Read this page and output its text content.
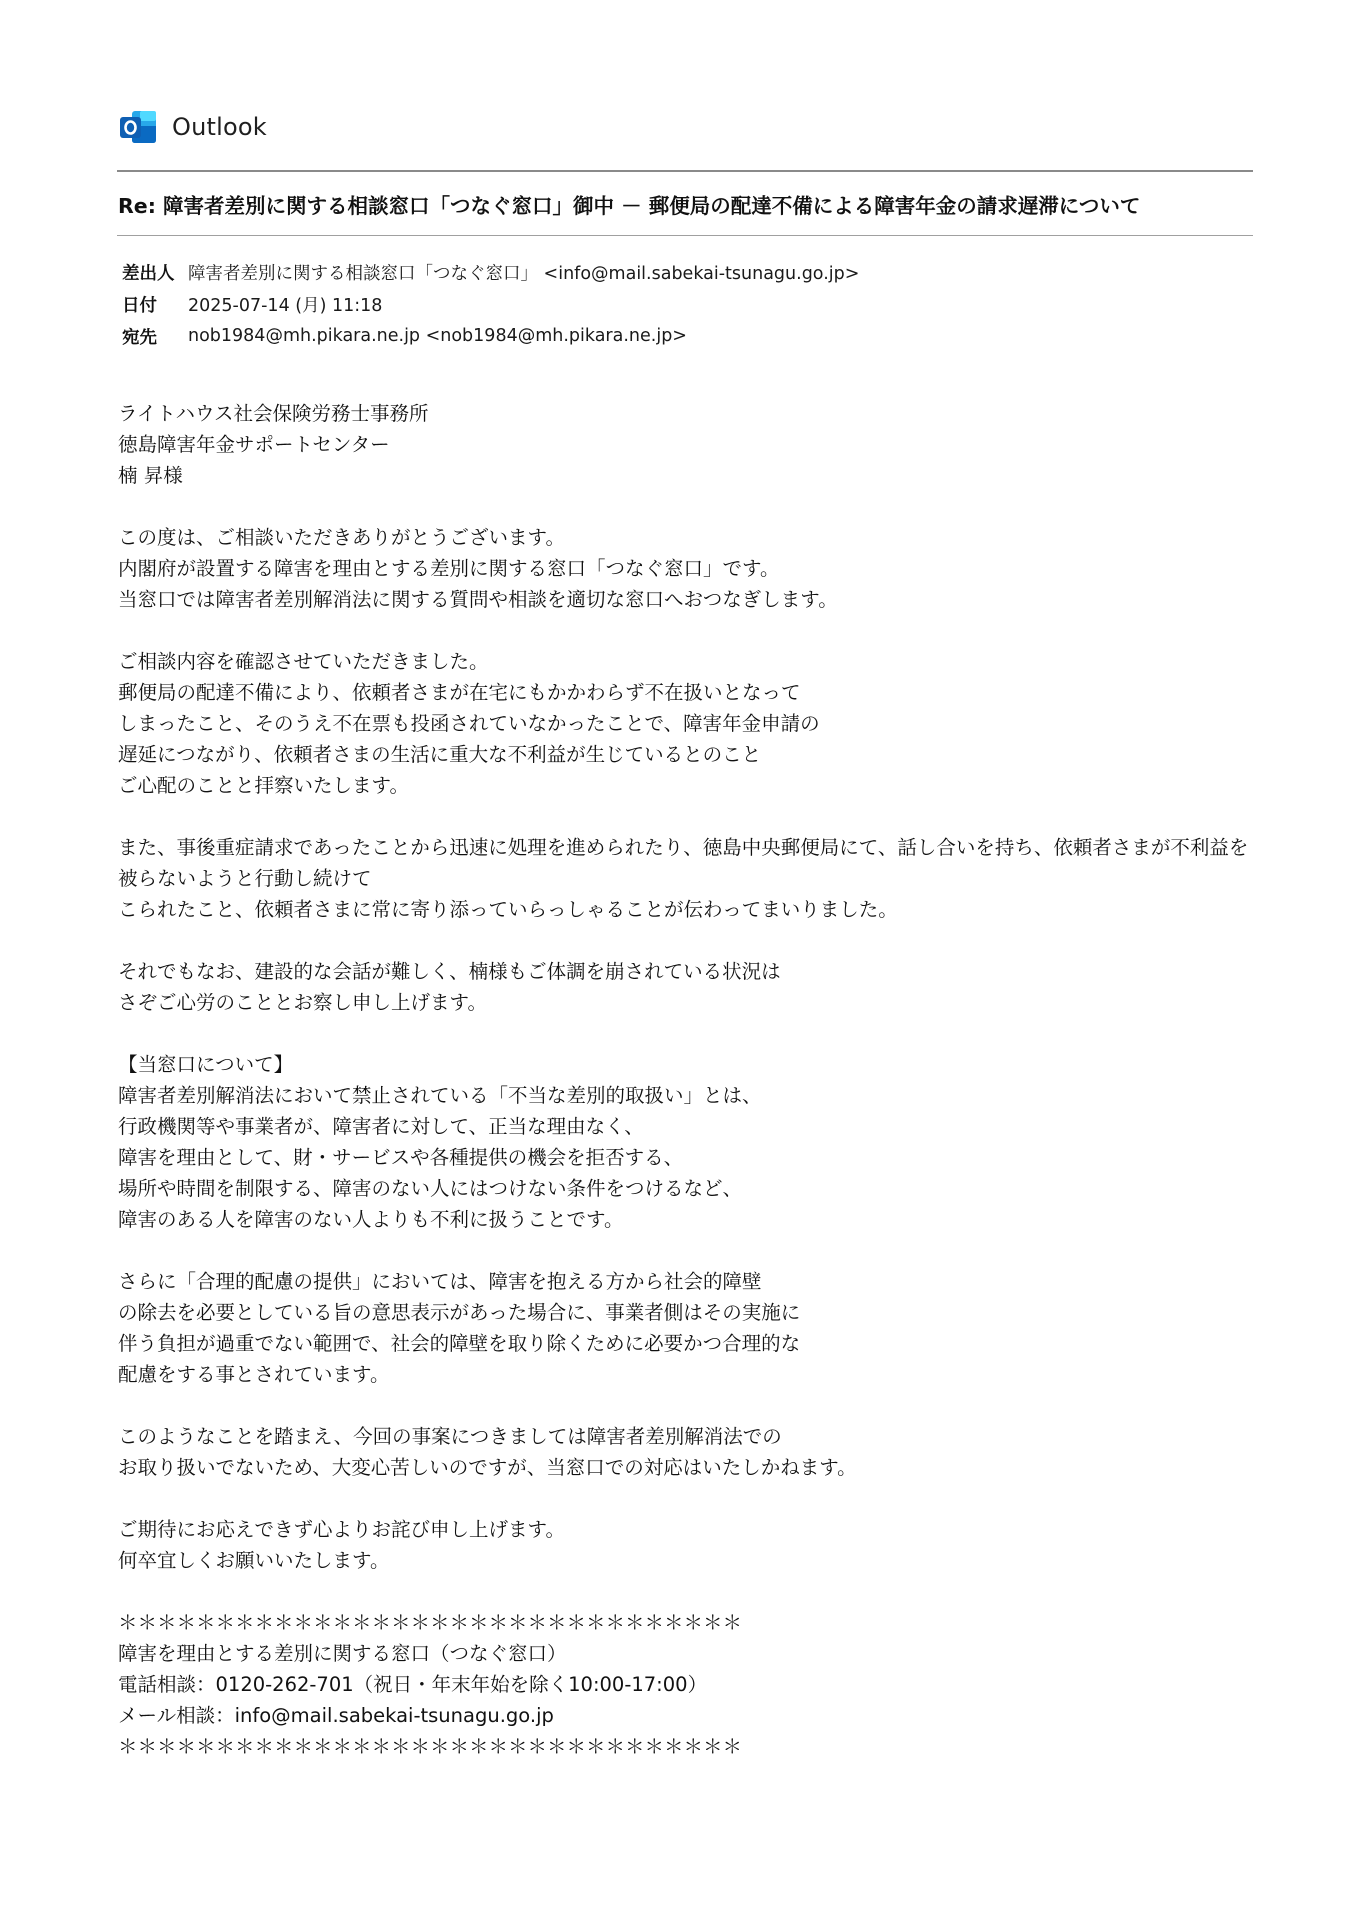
Outlook
Re: 障害者差別に関する相談窓口「つなぐ窓口」御中 － 郵便局の配達不備による障害年金の請求遅滞について
差出人 障害者差別に関する相談窓口「つなぐ窓口」 <info@mail.sabekai-tsunagu.go.jp>
日付	2025-07-14 (月) 11:18
宛先	nob1984@mh.pikara.ne.jp <nob1984@mh.pikara.ne.jp>
ライトハウス社会保険労務士事務所
徳島障害年金サポートセンター
楠 昇様
この度は、ご相談いただきありがとうございます。
内閣府が設置する障害を理由とする差別に関する窓口「つなぐ窓口」です。
当窓口では障害者差別解消法に関する質問や相談を適切な窓口へおつなぎします。
ご相談内容を確認させていただきました。
郵便局の配達不備により、依頼者さまが在宅にもかかわらず不在扱いとなって
しまったこと、そのうえ不在票も投函されていなかったことで、障害年金申請の
遅延につながり、依頼者さまの生活に重大な不利益が生じているとのこと
ご心配のことと拝察いたします。
また、事後重症請求であったことから迅速に処理を進められたり、徳島中央郵便局にて、話し合いを持ち、依頼者さまが不利益を
被らないようと行動し続けて
こられたこと、依頼者さまに常に寄り添っていらっしゃることが伝わってまいりました。
それでもなお、建設的な会話が難しく、楠様もご体調を崩されている状況は
さぞご心労のこととお察し申し上げます。
【当窓口について】
障害者差別解消法において禁止されている「不当な差別的取扱い」とは、
行政機関等や事業者が、障害者に対して、正当な理由なく、
障害を理由として、財・サービスや各種提供の機会を拒否する、
場所や時間を制限する、障害のない人にはつけない条件をつけるなど、
障害のある人を障害のない人よりも不利に扱うことです。
さらに「合理的配慮の提供」においては、障害を抱える方から社会的障壁
の除去を必要としている旨の意思表示があった場合に、事業者側はその実施に
伴う負担が過重でない範囲で、社会的障壁を取り除くために必要かつ合理的な
配慮をする事とされています。
このようなことを踏まえ、今回の事案につきましては障害者差別解消法での
お取り扱いでないため、大変心苦しいのですが、当窓口での対応はいたしかねます。
ご期待にお応えできず心よりお詫び申し上げます。
何卒宜しくお願いいたします。
＊＊＊＊＊＊＊＊＊＊＊＊＊＊＊＊＊＊＊＊＊＊＊＊＊＊＊＊＊＊＊＊
障害を理由とする差別に関する窓口（つなぐ窓口）
電話相談：0120-262-701（祝日・年末年始を除く10:00-17:00）
メール相談：info@mail.sabekai-tsunagu.go.jp
＊＊＊＊＊＊＊＊＊＊＊＊＊＊＊＊＊＊＊＊＊＊＊＊＊＊＊＊＊＊＊＊
